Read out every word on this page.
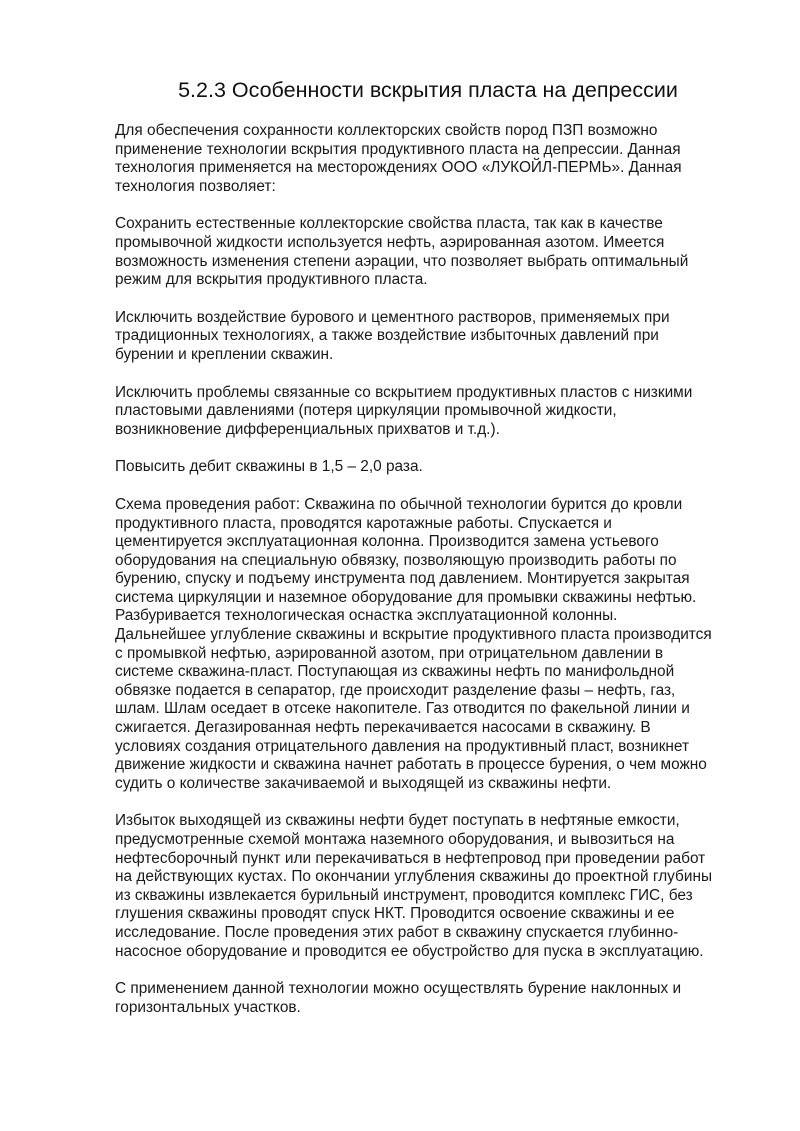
5.2.3 Особенности вскрытия пласта на депрессии

Для обеспечения сохранности коллекторских свойств пород ПЗП возможно
применение технологии вскрытия продуктивного пласта на депрессии. Данная
технология применяется на месторождениях ООО «ЛУКОЙЛ-ПЕРМЬ». Данная
технология позволяет:

Сохранить естественные коллекторские свойства пласта, так как в качестве
промывочной жидкости используется нефть, аэрированная азотом. Имеется
возможность изменения степени аэрации, что позволяет выбрать оптимальный
режим для вскрытия продуктивного пласта.

Исключить воздействие бурового и цементного растворов, применяемых при
традиционных технологиях, а также воздействие избыточных давлений при
бурении и креплении скважин.

Исключить проблемы связанные со вскрытием продуктивных пластов с низкими
пластовыми давлениями (потеря циркуляции промывочной жидкости,
возникновение дифференциальных прихватов и т.д.).

Повысить дебит скважины в 1,5 – 2,0 раза.

Схема проведения работ: Скважина по обычной технологии бурится до кровли
продуктивного пласта, проводятся каротажные работы. Спускается и
цементируется эксплуатационная колонна. Производится замена устьевого
оборудования на специальную обвязку, позволяющую производить работы по
бурению, спуску и подъему инструмента под давлением. Монтируется закрытая
система циркуляции и наземное оборудование для промывки скважины нефтью.
Разбуривается технологическая оснастка эксплуатационной колонны.
Дальнейшее углубление скважины и вскрытие продуктивного пласта производится
с промывкой нефтью, аэрированной азотом, при отрицательном давлении в
системе скважина-пласт. Поступающая из скважины нефть по манифольдной
обвязке подается в сепаратор, где происходит разделение фазы – нефть, газ,
шлам. Шлам оседает в отсеке накопителе. Газ отводится по факельной линии и
сжигается. Дегазированная нефть перекачивается насосами в скважину. В
условиях создания отрицательного давления на продуктивный пласт, возникнет
движение жидкости и скважина начнет работать в процессе бурения, о чем можно
судить о количестве закачиваемой и выходящей из скважины нефти.

Избыток выходящей из скважины нефти будет поступать в нефтяные емкости,
предусмотренные схемой монтажа наземного оборудования, и вывозиться на
нефтесборочный пункт или перекачиваться в нефтепровод при проведении работ
на действующих кустах. По окончании углубления скважины до проектной глубины
из скважины извлекается бурильный инструмент, проводится комплекс ГИС, без
глушения скважины проводят спуск НКТ. Проводится освоение скважины и ее
исследование. После проведения этих работ в скважину спускается глубинно-
насосное оборудование и проводится ее обустройство для пуска в эксплуатацию.

С применением данной технологии можно осуществлять бурение наклонных и
горизонтальных участков.
